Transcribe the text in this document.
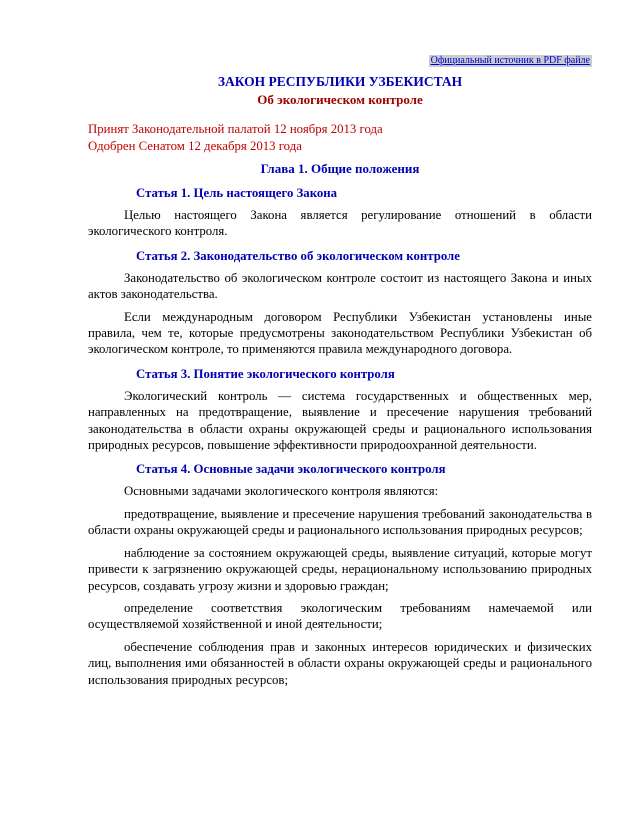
Официальный источник в PDF файле
ЗАКОН РЕСПУБЛИКИ УЗБЕКИСТАН
Об экологическом контроле

Принят Законодательной палатой 12 ноября 2013 года

Одобрен Сенатом 12 декабря 2013 года

Глава 1. Общие положения
Статья 1. Цель настоящего Закона

Целью настоящего Закона является регулирование отношений в области экологического контроля.

Статья 2. Законодательство об экологическом контроле

Законодательство об экологическом контроле состоит из настоящего Закона и иных актов законодательства.

Если международным договором Республики Узбекистан установлены иные правила, чем те, которые предусмотрены законодательством Республики Узбекистан об экологическом контроле, то применяются правила международного договора.

Статья 3. Понятие экологического контроля

Экологический контроль — система государственных и общественных мер, направленных на предотвращение, выявление и пресечение нарушения требований законодательства в области охраны окружающей среды и рационального использования природных ресурсов, повышение эффективности природоохранной деятельности.

Статья 4. Основные задачи экологического контроля

Основными задачами экологического контроля являются:

предотвращение, выявление и пресечение нарушения требований законодательства в области охраны окружающей среды и рационального использования природных ресурсов;

наблюдение за состоянием окружающей среды, выявление ситуаций, которые могут привести к загрязнению окружающей среды, нерациональному использованию природных ресурсов, создавать угрозу жизни и здоровью граждан;

определение соответствия экологическим требованиям намечаемой или осуществляемой хозяйственной и иной деятельности;

обеспечение соблюдения прав и законных интересов юридических и физических лиц, выполнения ими обязанностей в области охраны окружающей среды и рационального использования природных ресурсов;
